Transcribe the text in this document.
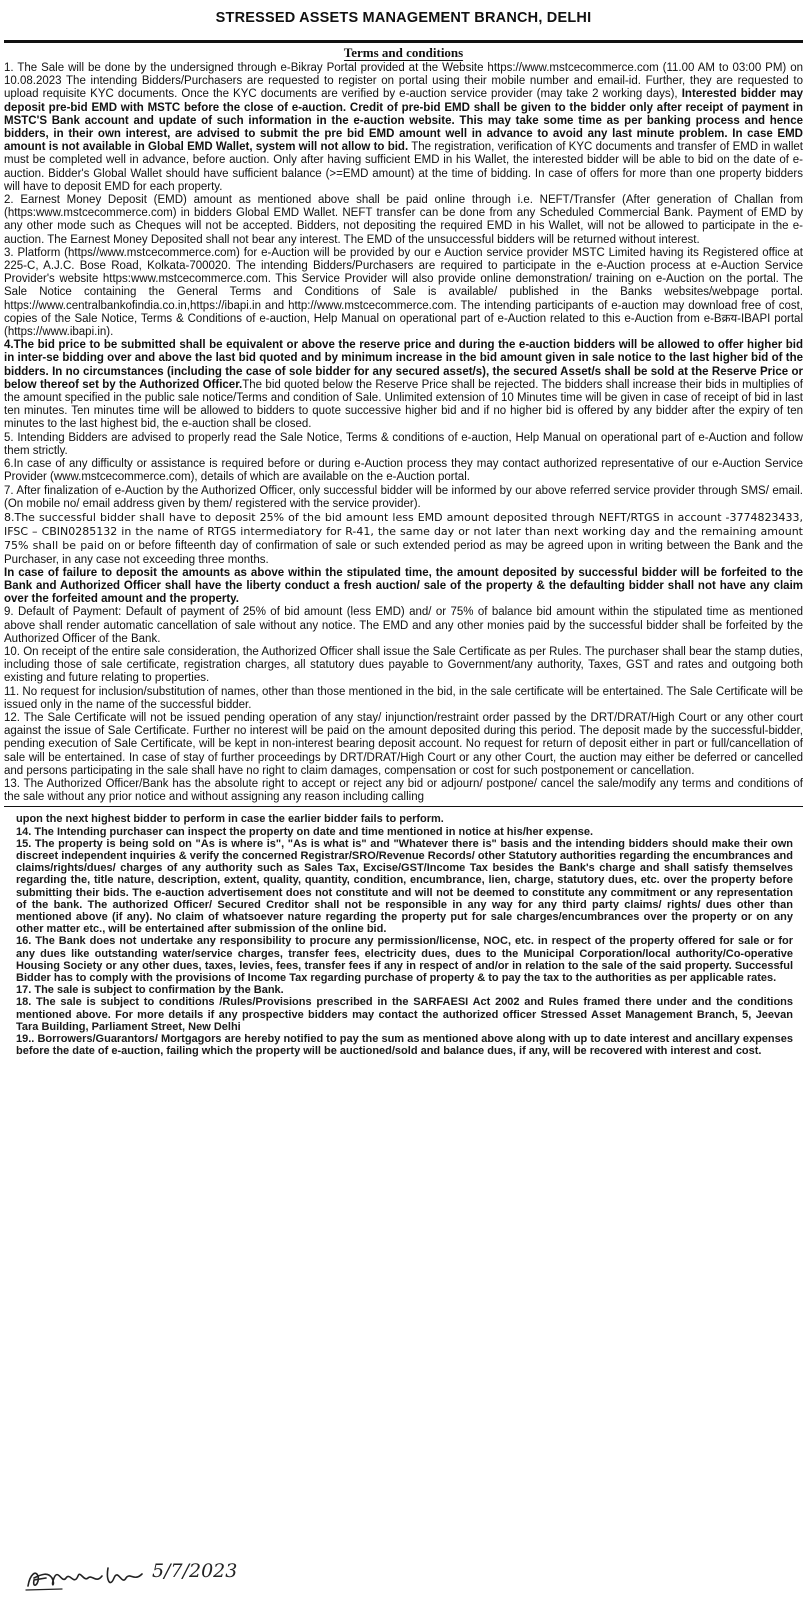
STRESSED ASSETS MANAGEMENT BRANCH, DELHI
Terms and conditions

1. The Sale will be done by the undersigned through e-Bikray Portal provided at the Website https://www.mstcecommerce.com (11.00 AM to 03:00 PM) on 10.08.2023 The intending Bidders/Purchasers are requested to register on portal using their mobile number and email-id. Further, they are requested to upload requisite KYC documents. Once the KYC documents are verified by e-auction service provider (may take 2 working days), Interested bidder may deposit pre-bid EMD with MSTC before the close of e-auction. Credit of pre-bid EMD shall be given to the bidder only after receipt of payment in MSTC'S Bank account and update of such information in the e-auction website. This may take some time as per banking process and hence bidders, in their own interest, are advised to submit the pre bid EMD amount well in advance to avoid any last minute problem. In case EMD amount is not available in Global EMD Wallet, system will not allow to bid. The registration, verification of KYC documents and transfer of EMD in wallet must be completed well in advance, before auction. Only after having sufficient EMD in his Wallet, the interested bidder will be able to bid on the date of e-auction. Bidder's Global Wallet should have sufficient balance (>=EMD amount) at the time of bidding. In case of offers for more than one property bidders will have to deposit EMD for each property.

2. Earnest Money Deposit (EMD) amount as mentioned above shall be paid online through i.e. NEFT/Transfer (After generation of Challan from (https:www.mstcecommerce.com) in bidders Global EMD Wallet. NEFT transfer can be done from any Scheduled Commercial Bank. Payment of EMD by any other mode such as Cheques will not be accepted. Bidders, not depositing the required EMD in his Wallet, will not be allowed to participate in the e-auction. The Earnest Money Deposited shall not bear any interest. The EMD of the unsuccessful bidders will be returned without interest.

3. Platform (https//www.mstcecommerce.com) for e-Auction will be provided by our e Auction service provider MSTC Limited having its Registered office at 225-C, A.J.C. Bose Road, Kolkata-700020. The intending Bidders/Purchasers are required to participate in the e-Auction process at e-Auction Service Provider's website https:www.mstcecommerce.com. This Service Provider will also provide online demonstration/ training on e-Auction on the portal. The Sale Notice containing the General Terms and Conditions of Sale is available/ published in the Banks websites/webpage portal. https://www.centralbankofindia.co.in,https://ibapi.in and http://www.mstcecommerce.com. The intending participants of e-auction may download free of cost, copies of the Sale Notice, Terms & Conditions of e-auction, Help Manual on operational part of e-Auction related to this e-Auction from e-Bक्रय-IBAPI portal (https://www.ibapi.in).

4.The bid price to be submitted shall be equivalent or above the reserve price and during the e-auction bidders will be allowed to offer higher bid in inter-se bidding over and above the last bid quoted and by minimum increase in the bid amount given in sale notice to the last higher bid of the bidders. In no circumstances (including the case of sole bidder for any secured asset/s), the secured Asset/s shall be sold at the Reserve Price or below thereof set by the Authorized Officer.The bid quoted below the Reserve Price shall be rejected. The bidders shall increase their bids in multiplies of the amount specified in the public sale notice/Terms and condition of Sale. Unlimited extension of 10 Minutes time will be given in case of receipt of bid in last ten minutes. Ten minutes time will be allowed to bidders to quote successive higher bid and if no higher bid is offered by any bidder after the expiry of ten minutes to the last highest bid, the e-auction shall be closed.

5. Intending Bidders are advised to properly read the Sale Notice, Terms & conditions of e-auction, Help Manual on operational part of e-Auction and follow them strictly.

6.In case of any difficulty or assistance is required before or during e-Auction process they may contact authorized representative of our e-Auction Service Provider (www.mstcecommerce.com), details of which are available on the e-Auction portal.

7. After finalization of e-Auction by the Authorized Officer, only successful bidder will be informed by our above referred service provider through SMS/ email. (On mobile no/ email address given by them/ registered with the service provider).

8.The successful bidder shall have to deposit 25% of the bid amount less EMD amount deposited through NEFT/RTGS in account -3774823433, IFSC – CBIN0285132 in the name of RTGS intermediatory for R-41, the same day or not later than next working day and the remaining amount 75% shall be paid on or before fifteenth day of confirmation of sale or such extended period as may be agreed upon in writing between the Bank and the Purchaser, in any case not exceeding three months.

In case of failure to deposit the amounts as above within the stipulated time, the amount deposited by successful bidder will be forfeited to the Bank and Authorized Officer shall have the liberty conduct a fresh auction/ sale of the property & the defaulting bidder shall not have any claim over the forfeited amount and the property.

9. Default of Payment: Default of payment of 25% of bid amount (less EMD) and/ or 75% of balance bid amount within the stipulated time as mentioned above shall render automatic cancellation of sale without any notice. The EMD and any other monies paid by the successful bidder shall be forfeited by the Authorized Officer of the Bank.

10. On receipt of the entire sale consideration, the Authorized Officer shall issue the Sale Certificate as per Rules. The purchaser shall bear the stamp duties, including those of sale certificate, registration charges, all statutory dues payable to Government/any authority, Taxes, GST and rates and outgoing both existing and future relating to properties.

11. No request for inclusion/substitution of names, other than those mentioned in the bid, in the sale certificate will be entertained. The Sale Certificate will be issued only in the name of the successful bidder.

12. The Sale Certificate will not be issued pending operation of any stay/ injunction/restraint order passed by the DRT/DRAT/High Court or any other court against the issue of Sale Certificate. Further no interest will be paid on the amount deposited during this period. The deposit made by the successful-bidder, pending execution of Sale Certificate, will be kept in non-interest bearing deposit account. No request for return of deposit either in part or full/cancellation of sale will be entertained. In case of stay of further proceedings by DRT/DRAT/High Court or any other Court, the auction may either be deferred or cancelled and persons participating in the sale shall have no right to claim damages, compensation or cost for such postponement or cancellation.

13. The Authorized Officer/Bank has the absolute right to accept or reject any bid or adjourn/ postpone/ cancel the sale/modify any terms and conditions of the sale without any prior notice and without assigning any reason including calling

upon the next highest bidder to perform in case the earlier bidder fails to perform.

14. The Intending purchaser can inspect the property on date and time mentioned in notice at his/her expense.

15. The property is being sold on "As is where is", "As is what is" and "Whatever there is" basis and the intending bidders should make their own discreet independent inquiries & verify the concerned Registrar/SRO/Revenue Records/ other Statutory authorities regarding the encumbrances and claims/rights/dues/ charges of any authority such as Sales Tax, Excise/GST/Income Tax besides the Bank's charge and shall satisfy themselves regarding the, title nature, description, extent, quality, quantity, condition, encumbrance, lien, charge, statutory dues, etc. over the property before submitting their bids. The e-auction advertisement does not constitute and will not be deemed to constitute any commitment or any representation of the bank. The authorized Officer/ Secured Creditor shall not be responsible in any way for any third party claims/ rights/ dues other than mentioned above (if any). No claim of whatsoever nature regarding the property put for sale charges/encumbrances over the property or on any other matter etc., will be entertained after submission of the online bid.

16. The Bank does not undertake any responsibility to procure any permission/license, NOC, etc. in respect of the property offered for sale or for any dues like outstanding water/service charges, transfer fees, electricity dues, dues to the Municipal Corporation/local authority/Co-operative Housing Society or any other dues, taxes, levies, fees, transfer fees if any in respect of and/or in relation to the sale of the said property. Successful Bidder has to comply with the provisions of Income Tax regarding purchase of property & to pay the tax to the authorities as per applicable rates.

17. The sale is subject to confirmation by the Bank.

18. The sale is subject to conditions /Rules/Provisions prescribed in the SARFAESI Act 2002 and Rules framed there under and the conditions mentioned above. For more details if any prospective bidders may contact the authorized officer Stressed Asset Management Branch, 5, Jeevan Tara Building, Parliament Street, New Delhi

19.. Borrowers/Guarantors/ Mortgagors are hereby notified to pay the sum as mentioned above along with up to date interest and ancillary expenses before the date of e-auction, failing which the property will be auctioned/sold and balance dues, if any, will be recovered with interest and cost.

5/7/2023
